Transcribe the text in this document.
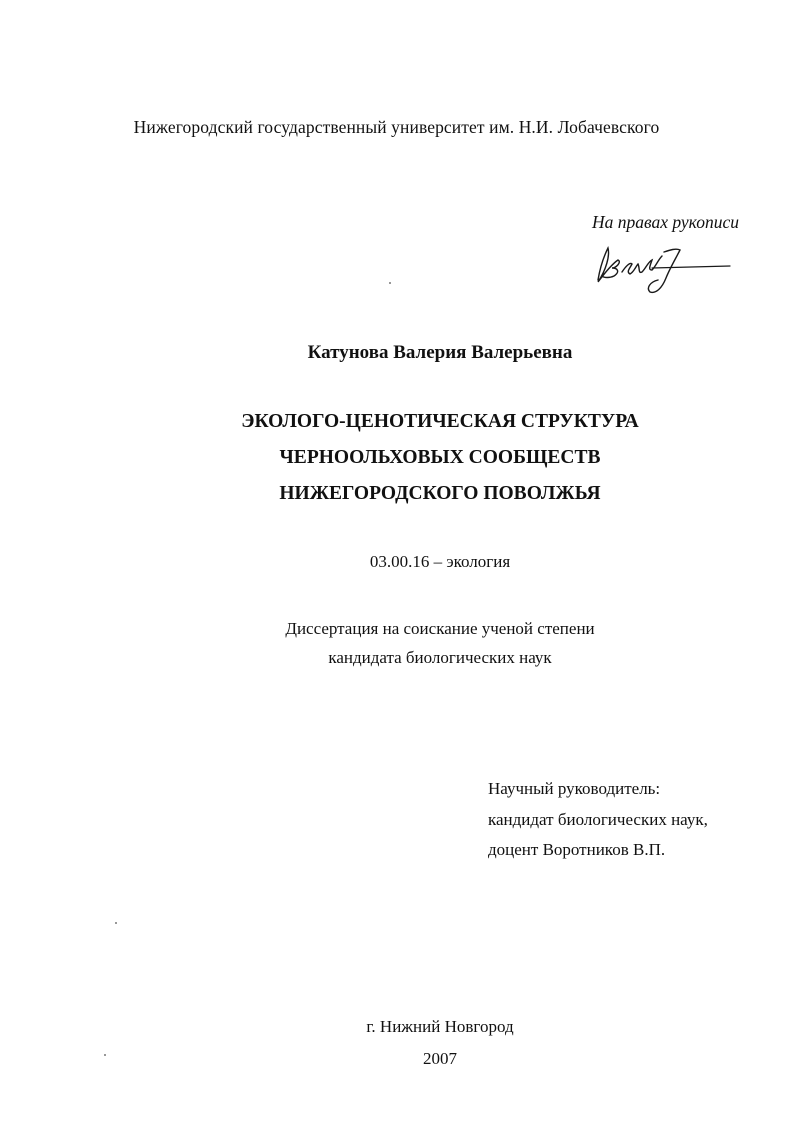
Нижегородский государственный университет им. Н.И. Лобачевского
На правах рукописи
Катунова Валерия Валерьевна
ЭКОЛОГО-ЦЕНОТИЧЕСКАЯ СТРУКТУРА
ЧЕРНООЛЬХОВЫХ СООБЩЕСТВ
НИЖЕГОРОДСКОГО ПОВОЛЖЬЯ
03.00.16 – экология
Диссертация на соискание ученой степени
кандидата биологических наук
Научный руководитель:
кандидат биологических наук,
доцент Воротников В.П.
г. Нижний Новгород
2007
